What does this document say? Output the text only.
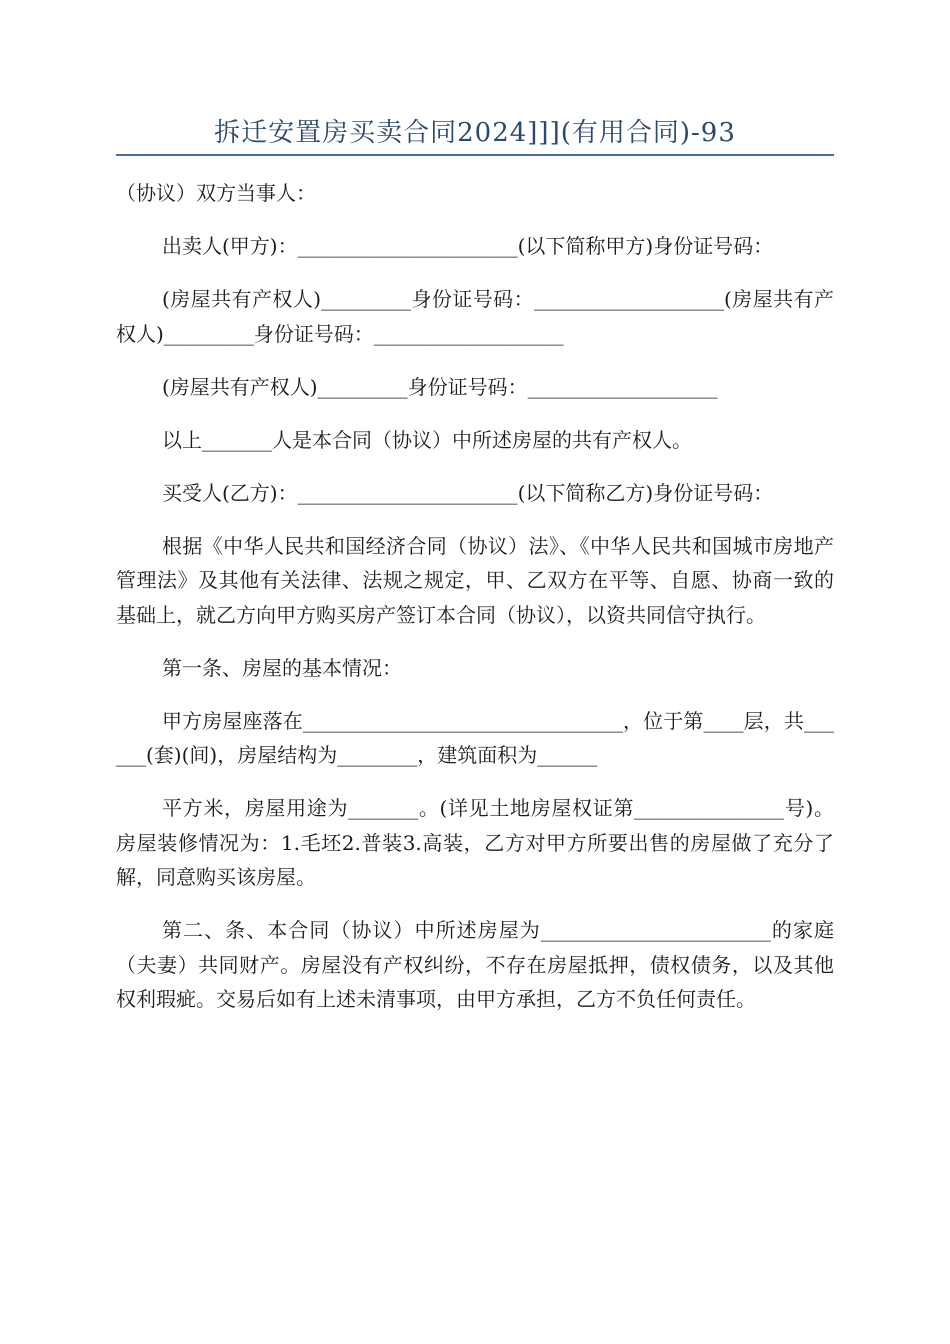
拆迁安置房买卖合同2024]]](有用合同)-93

（协议）双方当事人：

出卖人(甲方)：______________________(以下简称甲方)身份证号码：

(房屋共有产权人)_________身份证号码：___________________(房屋共有产权人)_________身份证号码：___________________

(房屋共有产权人)_________身份证号码：___________________

以上_______人是本合同（协议）中所述房屋的共有产权人。

买受人(乙方)：______________________(以下简称乙方)身份证号码：

根据《中华人民共和国经济合同（协议）法》、《中华人民共和国城市房地产管理法》及其他有关法律、法规之规定，甲、乙双方在平等、自愿、协商一致的基础上，就乙方向甲方购买房产签订本合同（协议），以资共同信守执行。

第一条、房屋的基本情况：

甲方房屋座落在________________________________，位于第____层，共______(套)(间)，房屋结构为________，建筑面积为______

平方米，房屋用途为_______。(详见土地房屋权证第_______________号)。房屋装修情况为：1.毛坯2.普装3.高装，乙方对甲方所要出售的房屋做了充分了解，同意购买该房屋。

第二、条、本合同（协议）中所述房屋为_______________________的家庭（夫妻）共同财产。房屋没有产权纠纷，不存在房屋抵押，债权债务，以及其他权利瑕疵。交易后如有上述未清事项，由甲方承担，乙方不负任何责任。
